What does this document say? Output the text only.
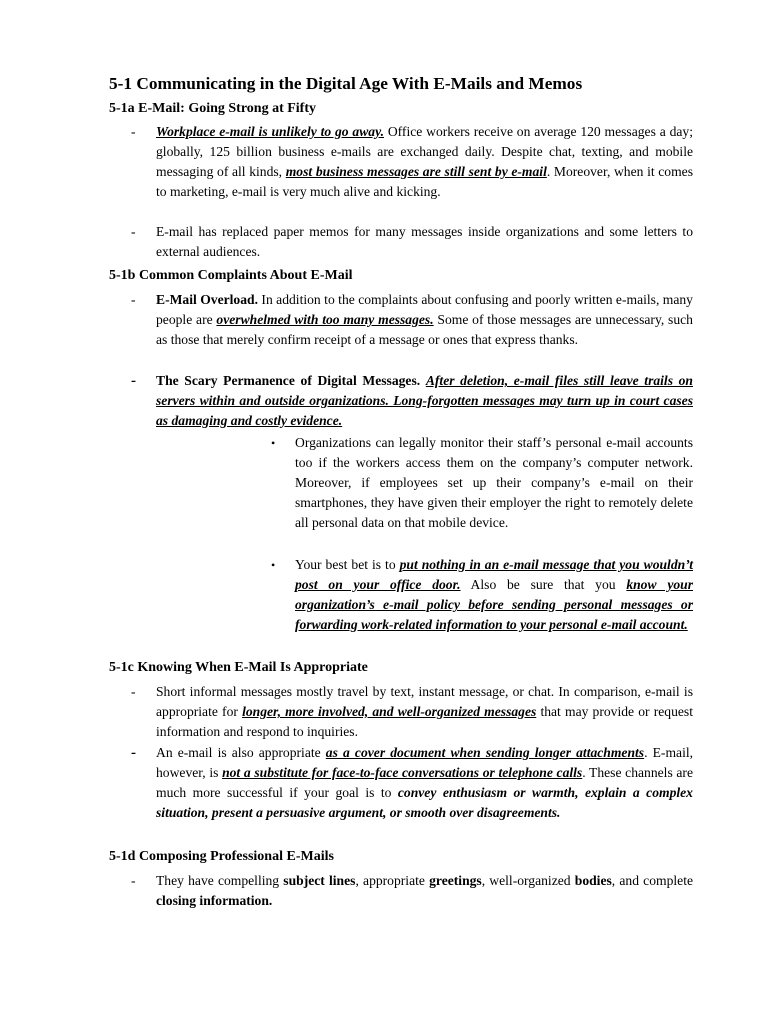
5-1 Communicating in the Digital Age With E-Mails and Memos
5-1a E-Mail: Going Strong at Fifty
- Workplace e-mail is unlikely to go away. Office workers receive on average 120 messages a day; globally, 125 billion business e-mails are exchanged daily. Despite chat, texting, and mobile messaging of all kinds, most business messages are still sent by e-mail. Moreover, when it comes to marketing, e-mail is very much alive and kicking.

- E-mail has replaced paper memos for many messages inside organizations and some letters to external audiences.

5-1b Common Complaints About E-Mail
- E-Mail Overload. In addition to the complaints about confusing and poorly written e-mails, many people are overwhelmed with too many messages. Some of those messages are unnecessary, such as those that merely confirm receipt of a message or ones that express thanks.

- The Scary Permanence of Digital Messages. After deletion, e-mail files still leave trails on servers within and outside organizations. Long-forgotten messages may turn up in court cases as damaging and costly evidence.

• Organizations can legally monitor their staff’s personal e-mail accounts too if the workers access them on the company’s computer network. Moreover, if employees set up their company’s e-mail on their smartphones, they have given their employer the right to remotely delete all personal data on that mobile device.

• Your best bet is to put nothing in an e-mail message that you wouldn’t post on your office door. Also be sure that you know your organization’s e-mail policy before sending personal messages or forwarding work-related information to your personal e-mail account.

5-1c Knowing When E-Mail Is Appropriate
- Short informal messages mostly travel by text, instant message, or chat. In comparison, e-mail is appropriate for longer, more involved, and well-organized messages that may provide or request information and respond to inquiries.

- An e-mail is also appropriate as a cover document when sending longer attachments. E-mail, however, is not a substitute for face-to-face conversations or telephone calls. These channels are much more successful if your goal is to convey enthusiasm or warmth, explain a complex situation, present a persuasive argument, or smooth over disagreements.

5-1d Composing Professional E-Mails
- They have compelling subject lines, appropriate greetings, well-organized bodies, and complete closing information.
